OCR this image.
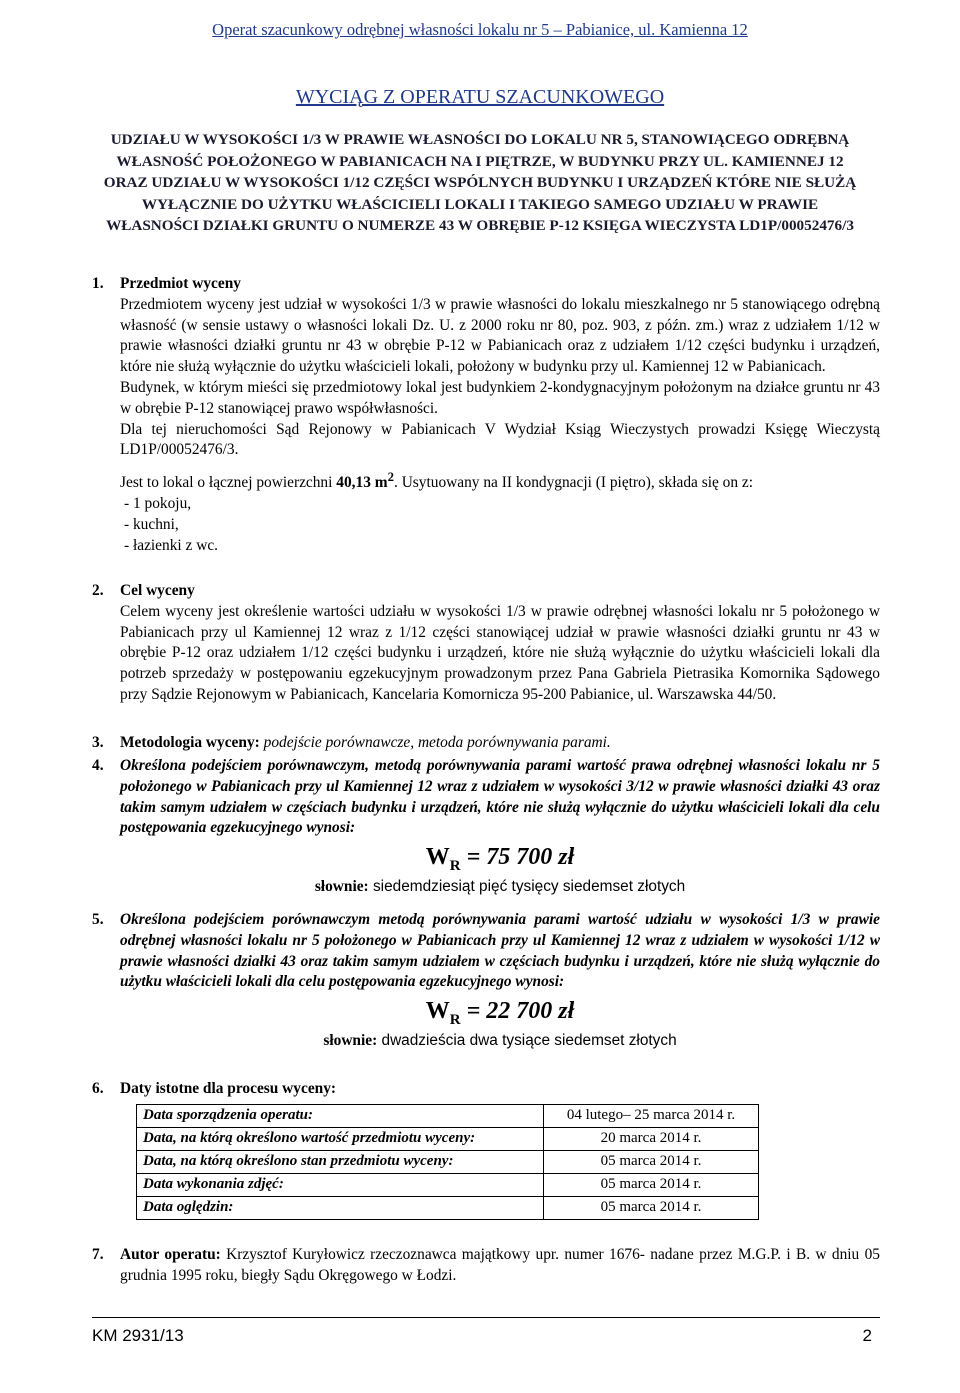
Operat szacunkowy odrębnej własności lokalu nr 5 – Pabianice, ul. Kamienna 12
WYCIĄG Z OPERATU SZACUNKOWEGO
UDZIAŁU W WYSOKOŚCI 1/3 W PRAWIE WŁASNOŚCI DO LOKALU NR 5, STANOWIĄCEGO ODRĘBNĄ WŁASNOŚĆ POŁOŻONEGO W PABIANICACH NA I PIĘTRZE, W BUDYNKU PRZY UL. KAMIENNEJ 12 ORAZ UDZIAŁU W WYSOKOŚCI 1/12 CZĘŚCI WSPÓLNYCH BUDYNKU I URZĄDZEŃ KTÓRE NIE SŁUŻĄ WYŁĄCZNIE DO UŻYTKU WŁAŚCICIELI LOKALI I TAKIEGO SAMEGO UDZIAŁU W PRAWIE WŁASNOŚCI DZIAŁKI GRUNTU O NUMERZE 43 W OBRĘBIE P-12 KSIĘGA WIECZYSTA LD1P/00052476/3
1. Przedmiot wyceny

Przedmiotem wyceny jest udział w wysokości 1/3 w prawie własności do lokalu mieszkalnego nr 5 stanowiącego odrębną własność (w sensie ustawy o własności lokali Dz. U. z 2000 roku nr 80, poz. 903, z późn. zm.) wraz z udziałem 1/12 w prawie własności działki gruntu nr 43 w obrębie P-12 w Pabianicach oraz z udziałem 1/12 części budynku i urządzeń, które nie służą wyłącznie do użytku właścicieli lokali, położony w budynku przy ul. Kamiennej 12 w Pabianicach.

Budynek, w którym mieści się przedmiotowy lokal jest budynkiem 2-kondygnacyjnym położonym na działce gruntu nr 43 w obrębie P-12 stanowiącej prawo współwłasności.

Dla tej nieruchomości Sąd Rejonowy w Pabianicach V Wydział Ksiąg Wieczystych prowadzi Księgę Wieczystą LD1P/00052476/3.

Jest to lokal o łącznej powierzchni 40,13 $m^2$. Usytuowany na II kondygnacji (I piętro), składa się on z:

- 1 pokoju,

- kuchni,

- łazienki z wc.

2. Cel wyceny

Celem wyceny jest określenie wartości udziału w wysokości 1/3 w prawie odrębnej własności lokalu nr 5 położonego w Pabianicach przy ul Kamiennej 12 wraz z 1/12 części stanowiącej udział w prawie własności działki gruntu nr 43 w obrębie P-12 oraz udziałem 1/12 części budynku i urządzeń, które nie służą wyłącznie do użytku właścicieli lokali dla potrzeb sprzedaży w postępowaniu egzekucyjnym prowadzonym przez Pana Gabriela Pietrasika Komornika Sądowego przy Sądzie Rejonowym w Pabianicach, Kancelaria Komornicza 95-200 Pabianice, ul. Warszawska 44/50.

3. Metodologia wyceny: podejście porównawcze, metoda porównywania parami.

4. Określona podejściem porównawczym, metodą porównywania parami wartość prawa odrębnej własności lokalu nr 5 położonego w Pabianicach przy ul Kamiennej 12 wraz z udziałem w wysokości 3/12 w prawie własności działki 43 oraz takim samym udziałem w częściach budynku i urządzeń, które nie służą wyłącznie do użytku właścicieli lokali dla celu postępowania egzekucyjnego wynosi:

$W_R = 75$ 700 zł
słownie: siedemdziesiąt pięć tysięcy siedemset złotych
5. Określona podejściem porównawczym metodą porównywania parami wartość udziału w wysokości 1/3 w prawie odrębnej własności lokalu nr 5 położonego w Pabianicach przy ul Kamiennej 12 wraz z udziałem w wysokości 1/12 w prawie własności działki 43 oraz takim samym udziałem w częściach budynku i urządzeń, które nie służą wyłącznie do użytku właścicieli lokali dla celu postępowania egzekucyjnego wynosi:

$W_R = 22$ 700 zł
słownie: dwadzieścia dwa tysiące siedemset złotych
6. Daty istotne dla procesu wyceny:

Data sporządzenia operatu:	04 lutego– 25 marca 2014 r.
Data, na którą określono wartość przedmiotu wyceny:	20 marca 2014 r.
Data, na którą określono stan przedmiotu wyceny:	05 marca 2014 r.
Data wykonania zdjęć:	05 marca 2014 r.
Data oględzin:	05 marca 2014 r.
7. Autor operatu: Krzysztof Kuryłowicz rzeczoznawca majątkowy upr. numer 1676- nadane przez M.G.P. i B. w dniu 05 grudnia 1995 roku, biegły Sądu Okręgowego w Łodzi.

KM 2931/13	2
